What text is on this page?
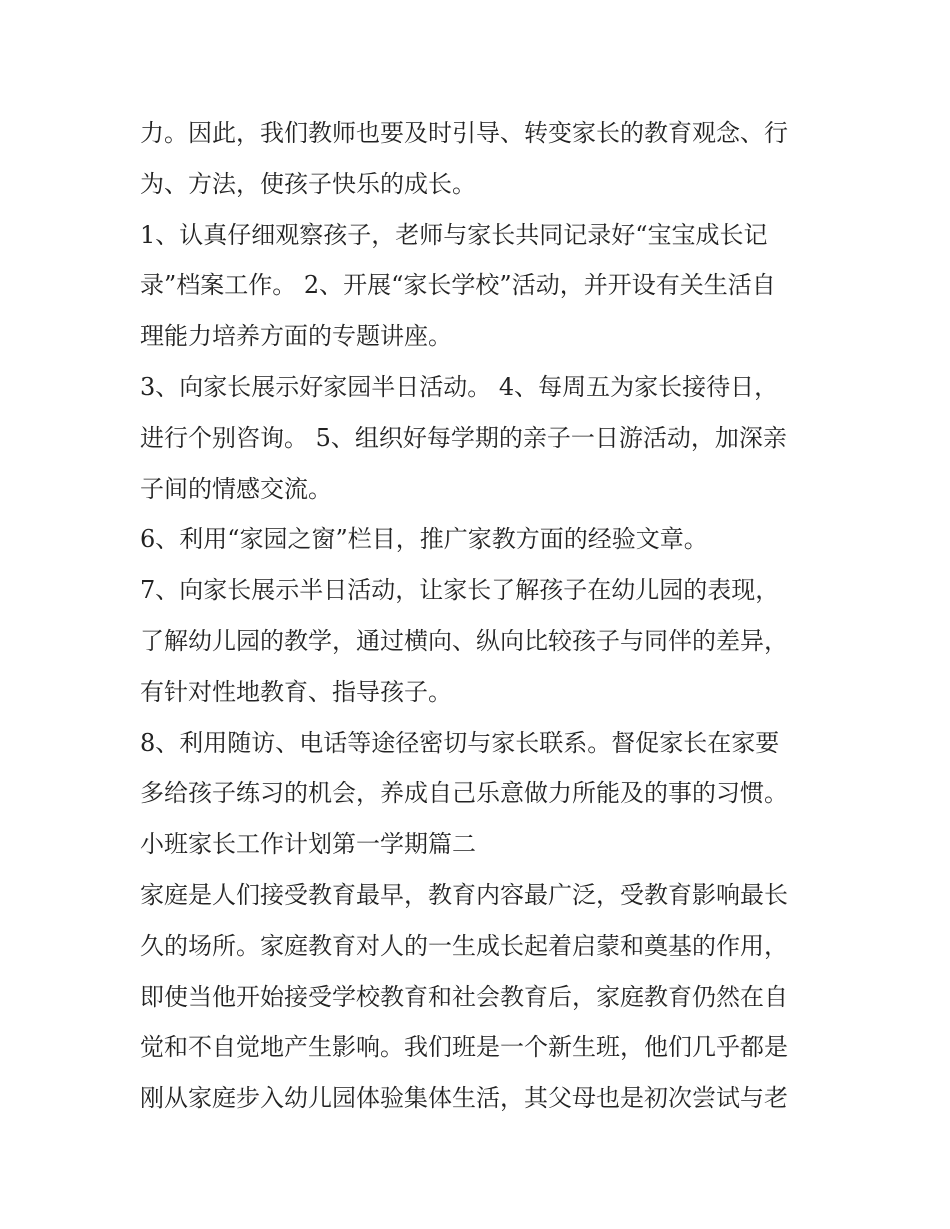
力。因此，我们教师也要及时引导、转变家长的教育观念、行
为、方法，使孩子快乐的成长。
1、认真仔细观察孩子，老师与家长共同记录好“宝宝成长记
录”档案工作。 2、开展“家长学校”活动，并开设有关生活自
理能力培养方面的专题讲座。
3、向家长展示好家园半日活动。 4、每周五为家长接待日，
进行个别咨询。 5、组织好每学期的亲子一日游活动，加深亲
子间的情感交流。
6、利用“家园之窗”栏目，推广家教方面的经验文章。
7、向家长展示半日活动，让家长了解孩子在幼儿园的表现，
了解幼儿园的教学，通过横向、纵向比较孩子与同伴的差异，
有针对性地教育、指导孩子。
8、利用随访、电话等途径密切与家长联系。督促家长在家要
多给孩子练习的机会，养成自己乐意做力所能及的事的习惯。
小班家长工作计划第一学期篇二
家庭是人们接受教育最早，教育内容最广泛，受教育影响最长
久的场所。家庭教育对人的一生成长起着启蒙和奠基的作用，
即使当他开始接受学校教育和社会教育后，家庭教育仍然在自
觉和不自觉地产生影响。我们班是一个新生班，他们几乎都是
刚从家庭步入幼儿园体验集体生活，其父母也是初次尝试与老
